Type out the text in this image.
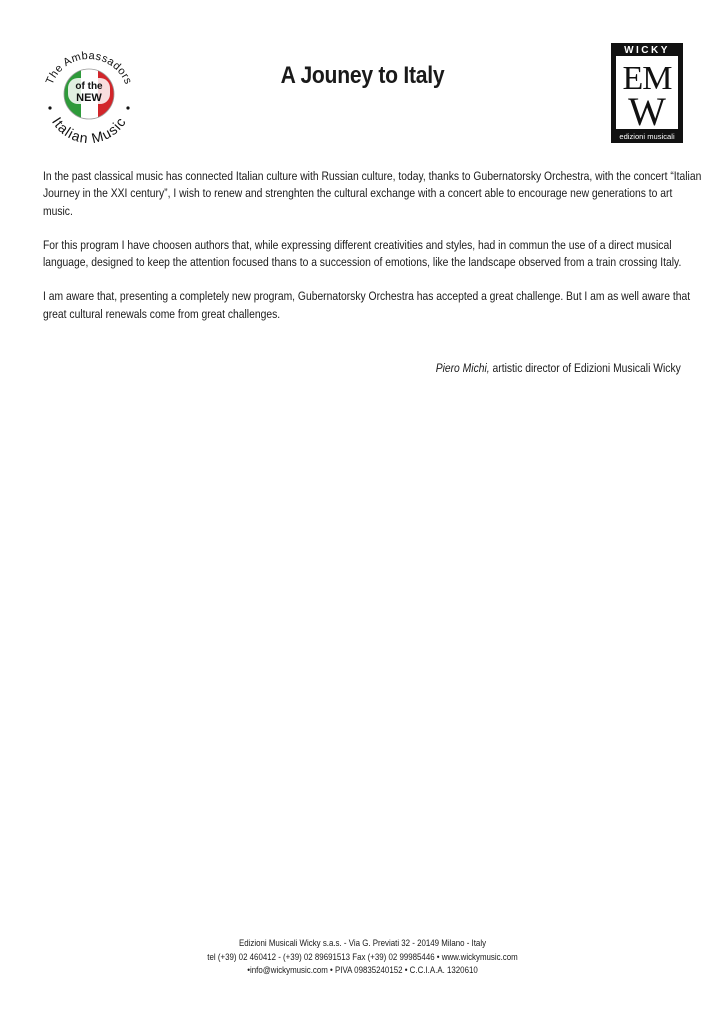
of the
NEW
The Ambassadors
Italian Music
A Jouney to Italy
WICKY
EM
W
edizioni musicali

In the past classical music has connected Italian culture with Russian culture, today, thanks to Gubernatorsky Orchestra, with the concert “Italian Journey in the XXI century”, I wish to renew and strenghten the cultural exchange with a concert able to encourage new generations to art music.

For this program I have choosen authors that, while expressing different creativities and styles, had in commun the use of a direct musical language, designed to keep the attention focused thans to a succession of emotions, like the landscape observed from a train crossing Italy.

I am aware that, presenting a completely new program, Gubernatorsky Orchestra has accepted a great challenge. But I am as well aware that great cultural renewals come from great challenges.

Piero Michi, artistic director of Edizioni Musicali Wicky
Edizioni Musicali Wicky s.a.s. - Via G. Previati 32 - 20149 Milano - Italy
tel (+39) 02 460412 - (+39) 02 89691513 Fax (+39) 02 99985446 • www.wickymusic.com
•info@wickymusic.com • PIVA 09835240152 • C.C.I.A.A. 1320610
